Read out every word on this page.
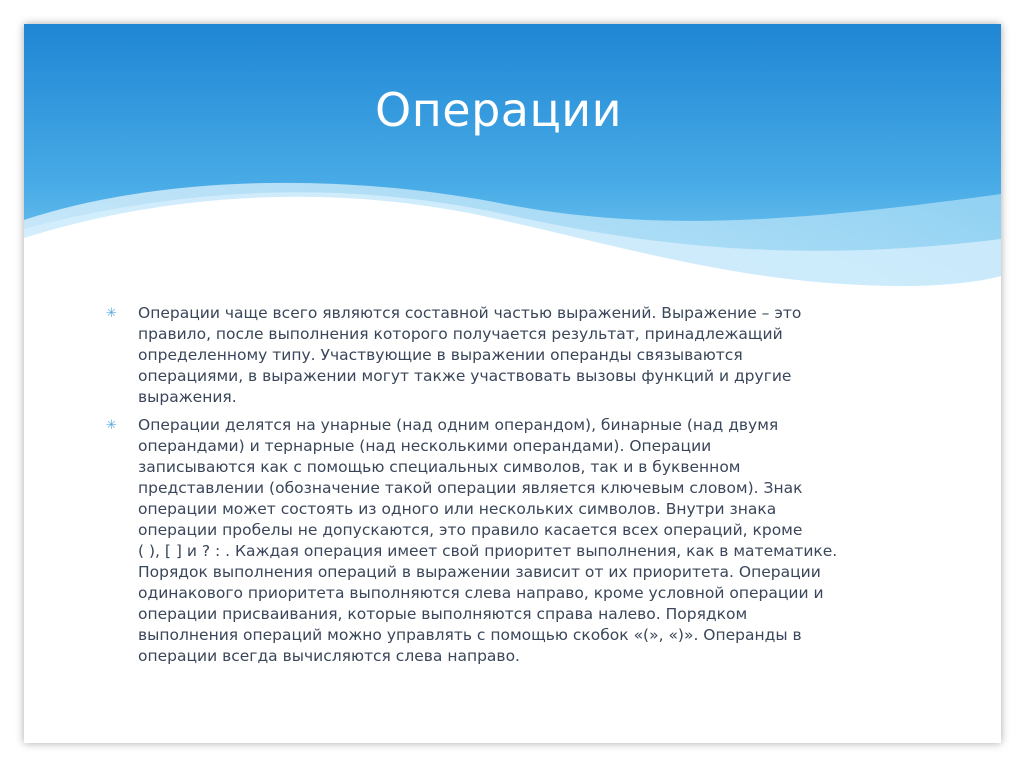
Операции
✳ Операции чаще всего являются составной частью выражений. Выражение – это
правило, после выполнения которого получается результат, принадлежащий
определенному типу. Участвующие в выражении операнды связываются
операциями, в выражении могут также участвовать вызовы функций и другие
выражения.
✳ Операции делятся на унарные (над одним операндом), бинарные (над двумя
операндами) и тернарные (над несколькими операндами). Операции
записываются как с помощью специальных символов, так и в буквенном
представлении (обозначение такой операции является ключевым словом). Знак
операции может состоять из одного или нескольких символов. Внутри знака
операции пробелы не допускаются, это правило касается всех операций, кроме
( ), [ ] и ? : . Каждая операция имеет свой приоритет выполнения, как в математике.
Порядок выполнения операций в выражении зависит от их приоритета. Операции
одинакового приоритета выполняются слева направо, кроме условной операции и
операции присваивания, которые выполняются справа налево. Порядком
выполнения операций можно управлять с помощью скобок «(», «)». Операнды в
операции всегда вычисляются слева направо.
